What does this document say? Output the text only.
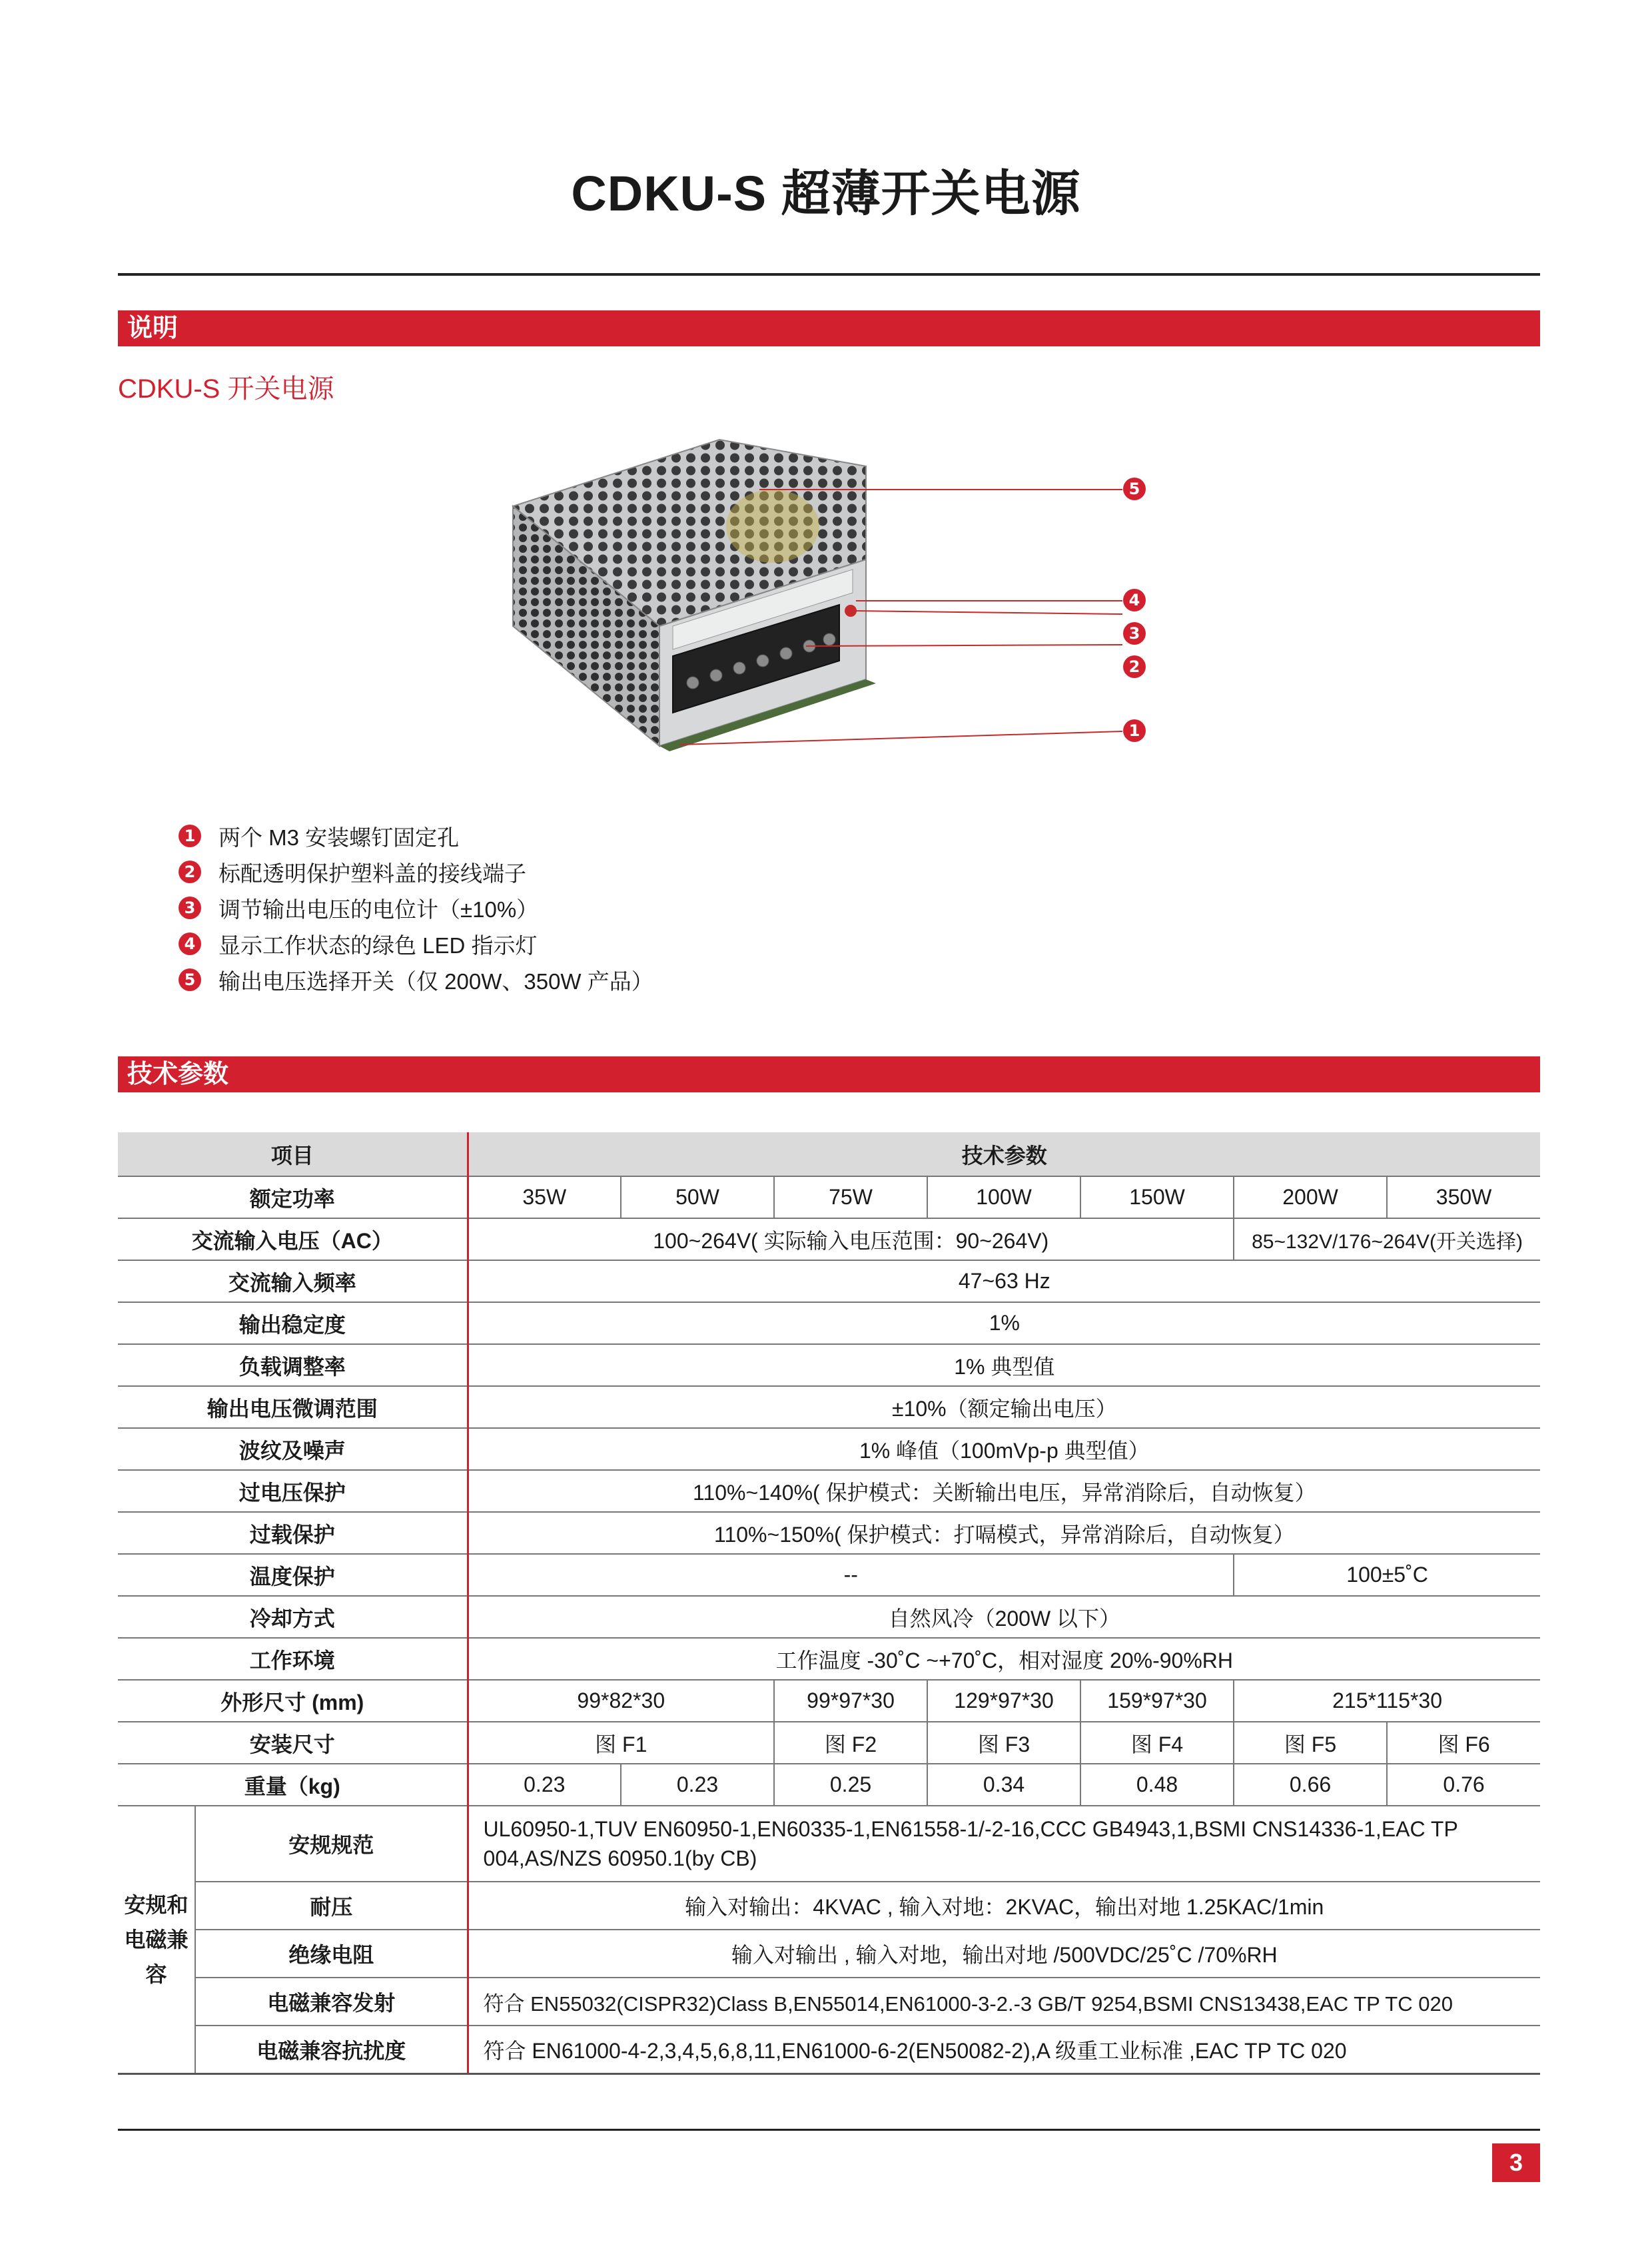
CDKU-S 超薄开关电源
说明
CDKU-S 开关电源
5
4
3
2
1
1 两个 M3 安装螺钉固定孔
2 标配透明保护塑料盖的接线端子
3 调节输出电压的电位计（±10%）
4 显示工作状态的绿色 LED 指示灯
5 输出电压选择开关（仅 200W、350W 产品）
技术参数
项目		技术参数						
额定功率		35W	50W	75W	100W	150W	200W	350W
交流输入电压（AC）		100~264V( 实际输入电压范围：90~264V)					85~132V/176~264V(开关选择)	
交流输入频率		47~63 Hz						
输出稳定度		1%						
负载调整率		1% 典型值						
输出电压微调范围		±10%（额定输出电压）						
波纹及噪声		1% 峰值（100mVp-p 典型值）						
过电压保护		110%~140%( 保护模式：关断输出电压，异常消除后，自动恢复）						
过载保护		110%~150%( 保护模式：打嗝模式，异常消除后，自动恢复）						
温度保护		--					100±5˚C	
冷却方式		自然风冷（200W 以下）						
工作环境		工作温度 -30˚C ~+70˚C，相对湿度 20%-90%RH						
外形尺寸 (mm)		99*82*30		99*97*30	129*97*30	159*97*30	215*115*30	
安装尺寸		图 F1		图 F2	图 F3	图 F4	图 F5	图 F6
重量（kg)		0.23	0.23	0.25	0.34	0.48	0.66	0.76

安规和
电磁兼
容	安规规范	UL60950-1,TUV EN60950-1,EN60335-1,EN61558-1/-2-16,CCC GB4943,1,BSMI CNS14336-1,EAC TP 004,AS/NZS 60950.1(by CB)						
	耐压	输入对输出：4KVAC , 输入对地：2KVAC，输出对地 1.25KAC/1min						
	绝缘电阻	输入对输出 , 输入对地，输出对地 /500VDC/25˚C /70%RH						
	电磁兼容发射	符合 EN55032(CISPR32)Class B,EN55014,EN61000-3-2.-3 GB/T 9254,BSMI CNS13438,EAC TP TC 020						
	电磁兼容抗扰度	符合 EN61000-4-2,3,4,5,6,8,11,EN61000-6-2(EN50082-2),A 级重工业标准 ,EAC TP TC 020						
3
